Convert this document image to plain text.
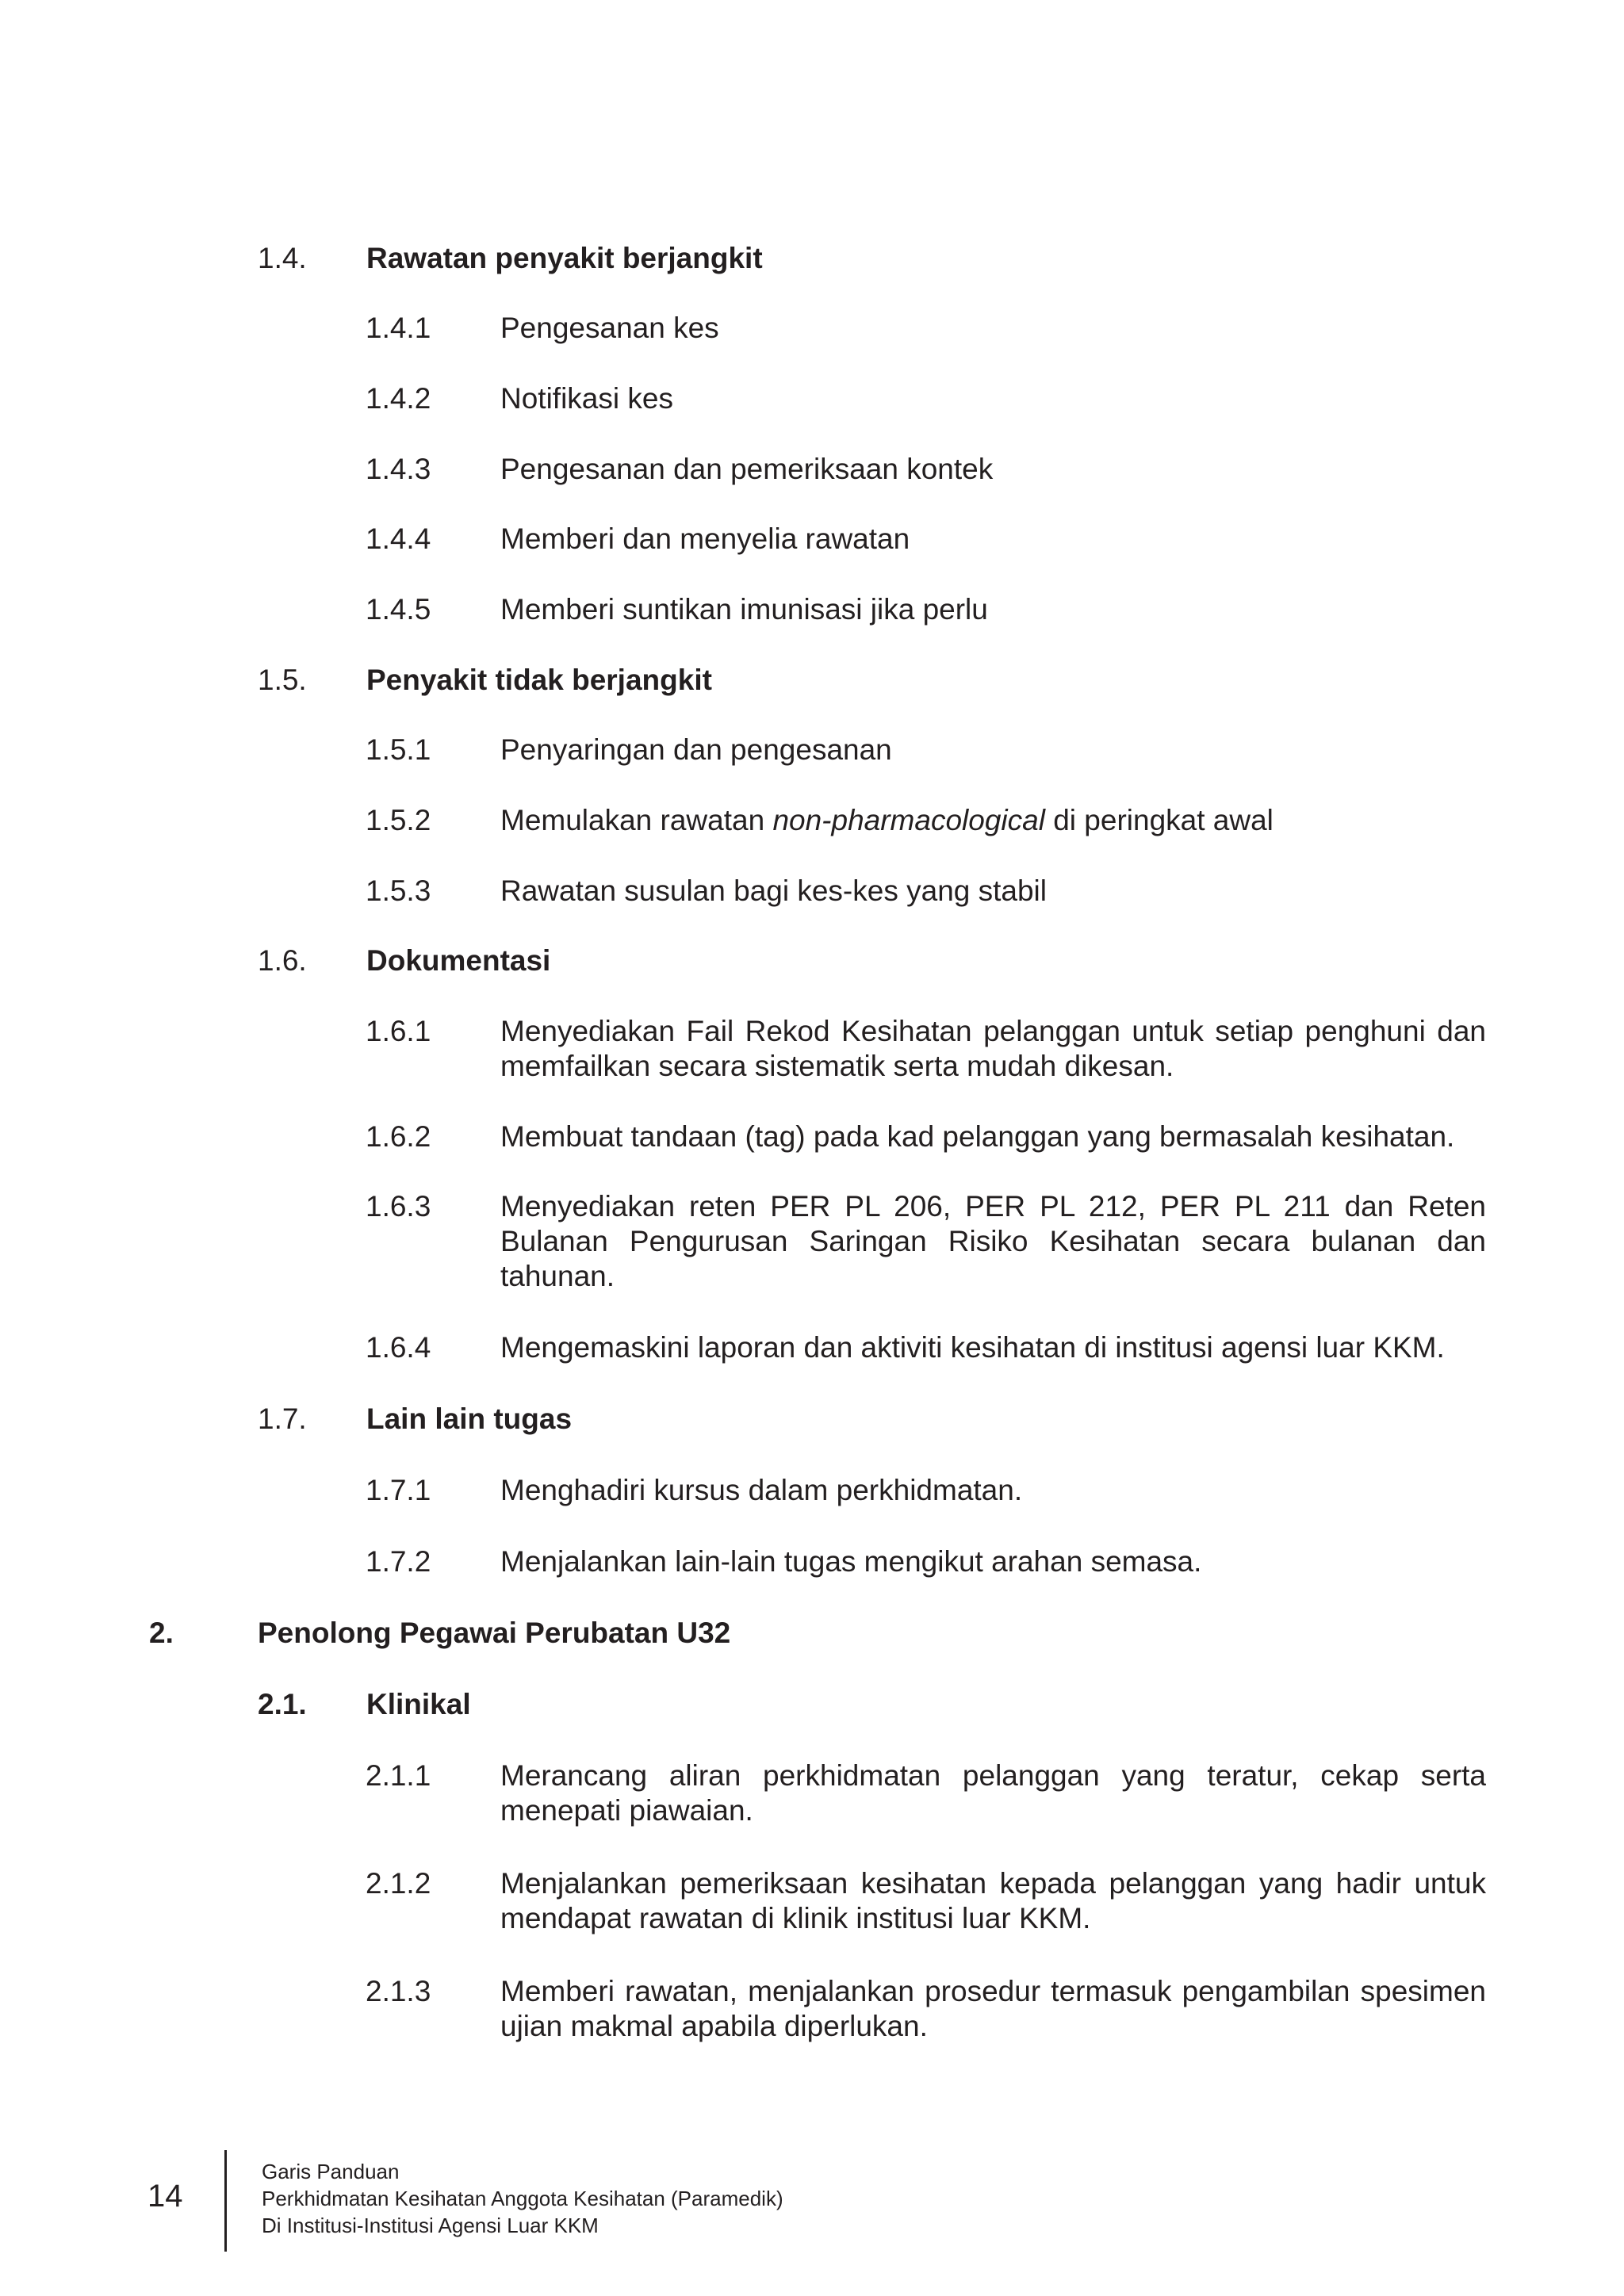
1.4. Rawatan penyakit berjangkit
1.4.1 Pengesanan kes
1.4.2 Notifikasi kes
1.4.3 Pengesanan dan pemeriksaan kontek
1.4.4 Memberi dan menyelia rawatan
1.4.5 Memberi suntikan imunisasi jika perlu
1.5. Penyakit tidak berjangkit
1.5.1 Penyaringan dan pengesanan
1.5.2 Memulakan rawatan non-pharmacological di peringkat awal
1.5.3 Rawatan susulan bagi kes-kes yang stabil
1.6. Dokumentasi
1.6.1 Menyediakan Fail Rekod Kesihatan pelanggan untuk setiap penghuni dan memfailkan secara sistematik serta mudah dikesan.
1.6.2 Membuat tandaan (tag) pada kad pelanggan yang bermasalah kesihatan.
1.6.3 Menyediakan reten PER PL 206, PER PL 212, PER PL 211 dan Reten Bulanan Pengurusan Saringan Risiko Kesihatan secara bulanan dan tahunan.
1.6.4 Mengemaskini laporan dan aktiviti kesihatan di institusi agensi luar KKM.
1.7. Lain lain tugas
1.7.1 Menghadiri kursus dalam perkhidmatan.
1.7.2 Menjalankan lain-lain tugas mengikut arahan semasa.
2.	Penolong Pegawai Perubatan U32
2.1. Klinikal
2.1.1 Merancang aliran perkhidmatan pelanggan yang teratur, cekap serta menepati piawaian.
2.1.2 Menjalankan pemeriksaan kesihatan kepada pelanggan yang hadir untuk mendapat rawatan di klinik institusi luar KKM.
2.1.3 Memberi rawatan, menjalankan prosedur termasuk pengambilan spesimen ujian makmal apabila diperlukan.
14
Garis Panduan
Perkhidmatan Kesihatan Anggota Kesihatan (Paramedik)
Di Institusi-Institusi Agensi Luar KKM
